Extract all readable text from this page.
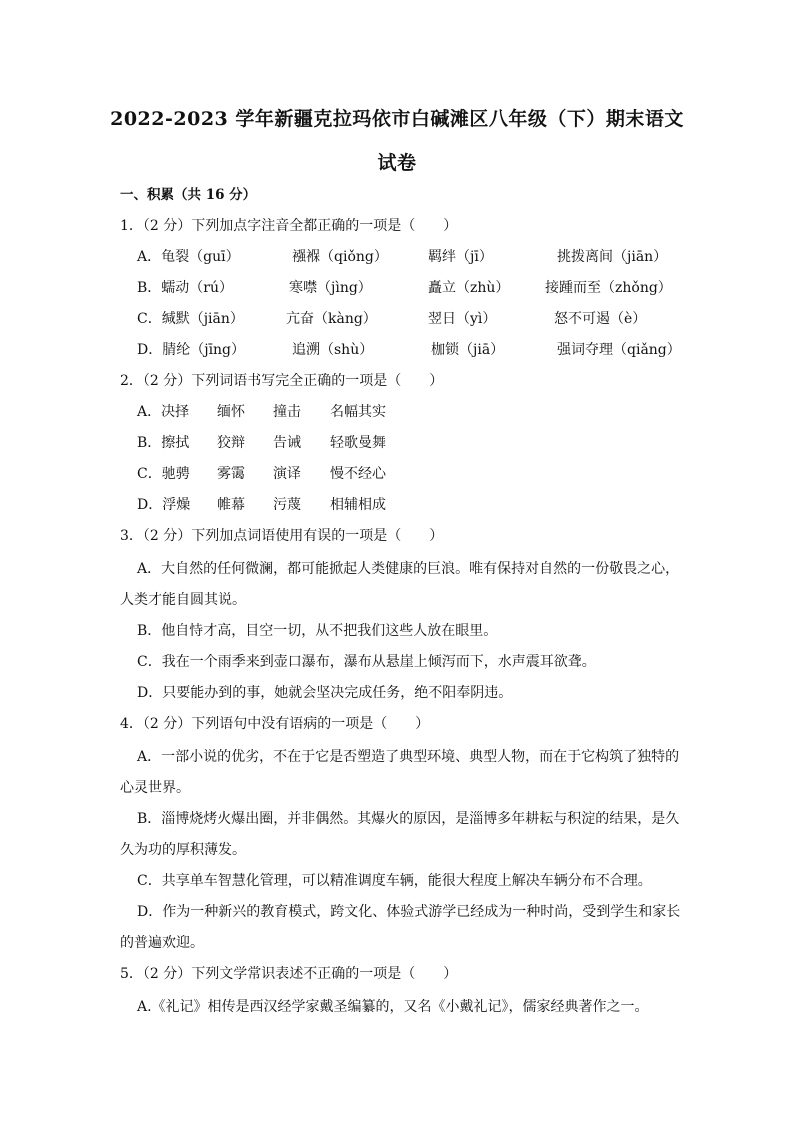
2022-2023 学年新疆克拉玛依市白碱滩区八年级（下）期末语文
试卷
一、积累（共 16 分）
1．（2 分）下列加点字注音全都正确的一项是（　　）
A．龟裂（guī）	襁褓（qiǒng）	羁绊（jī）	挑拨离间（jiān）
B．蠕动（rú）	寒噤（jìng）	矗立（zhù）	接踵而至（zhǒng）
C．缄默（jiān）	亢奋（kàng）	翌日（yì）	怒不可遏（è）
D．腈纶（jīng）	追溯（shù）	枷锁（jiā）	强词夺理（qiǎng）
2．（2 分）下列词语书写完全正确的一项是（　　）
A．决择 缅怀 撞击 名幅其实
B．擦拭 狡辩 告诫 轻歌曼舞
C．驰骋 雾霭 演译 慢不经心
D．浮燥 帷幕 污蔑 相辅相成
3．（2 分）下列加点词语使用有误的一项是（　　）
A．大自然的任何微澜，都可能掀起人类健康的巨浪。唯有保持对自然的一份敬畏之心，
人类才能自圆其说。
B．他自恃才高，目空一切，从不把我们这些人放在眼里。
C．我在一个雨季来到壶口瀑布，瀑布从悬崖上倾泻而下，水声震耳欲聋。
D．只要能办到的事，她就会坚决完成任务，绝不阳奉阴违。
4．（2 分）下列语句中没有语病的一项是（　　）
A．一部小说的优劣，不在于它是否塑造了典型环境、典型人物，而在于它构筑了独特的
心灵世界。
B．淄博烧烤火爆出圈，并非偶然。其爆火的原因，是淄博多年耕耘与积淀的结果，是久
久为功的厚积薄发。
C．共享单车智慧化管理，可以精准调度车辆，能很大程度上解决车辆分布不合理。
D．作为一种新兴的教育模式，跨文化、体验式游学已经成为一种时尚，受到学生和家长
的普遍欢迎。
5．（2 分）下列文学常识表述不正确的一项是（　　）
A.《礼记》相传是西汉经学家戴圣编纂的，又名《小戴礼记》，儒家经典著作之一。
